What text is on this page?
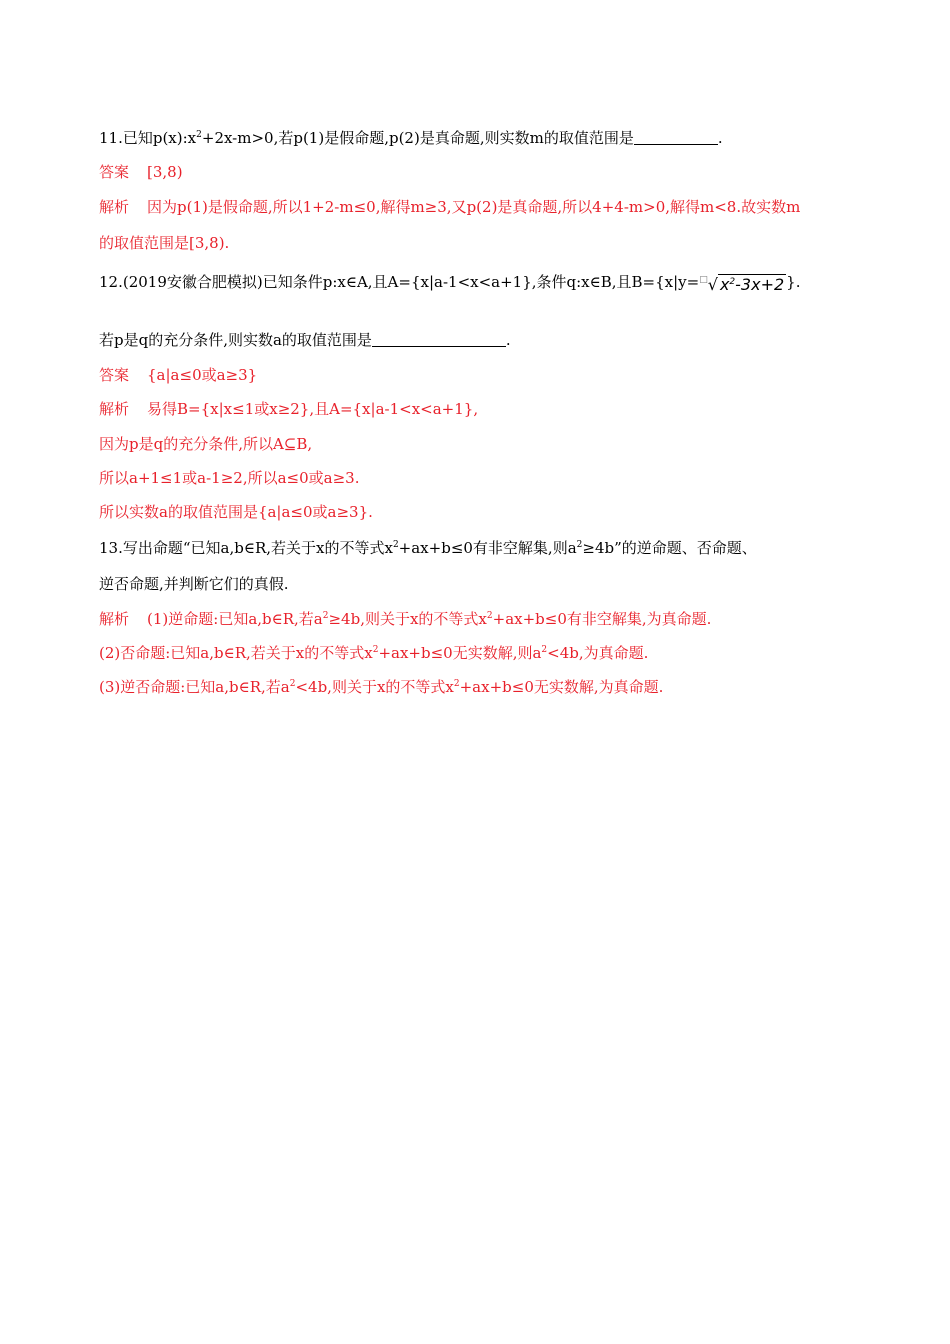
11.已知$p(x):x^2+2x-m>0$,若p(1)是假命题,p(2)是真命题,则实数m的取值范围是	.
答案 [3,8)
解析 因为p(1)是假命题,所以1+2-m≤0,解得m≥3,又p(2)是真命题,所以4+4-m>0,解得m<8.故实数m
的取值范围是[3,8).
12.(2019安徽合肥模拟)已知条件p:x∈A,且A={x|a-1<x<a+1},条件q:x∈B,且B={x|y=□√ $x^2-3x+2$ }.
若p是q的充分条件,则实数a的取值范围是	.
答案 {a|a≤0或a≥3}
解析 易得B={x|x≤1或x≥2},且A={x|a-1<x<a+1},
因为p是q的充分条件,所以A⊆B,
所以a+1≤1或a-1≥2,所以a≤0或a≥3.
所以实数a的取值范围是{a|a≤0或a≥3}.
13.写出命题“已知a,b∈R,若关于x的不等式$x^2+ax+b\le 0$有非空解集,则$a^2\ge 4b$”的逆命题、否命题、
逆否命题,并判断它们的真假.
解析 (1)逆命题:已知a,b∈R,若$a^2\ge 4b$,则关于x的不等式$x^2+ax+b\le 0$有非空解集,为真命题.
(2)否命题:已知a,b∈R,若关于x的不等式$x^2+ax+b\le 0$无实数解,则$a^2<4b$,为真命题.
(3)逆否命题:已知a,b∈R,若$a^2<4b$,则关于x的不等式$x^2+ax+b\le 0$无实数解,为真命题.
